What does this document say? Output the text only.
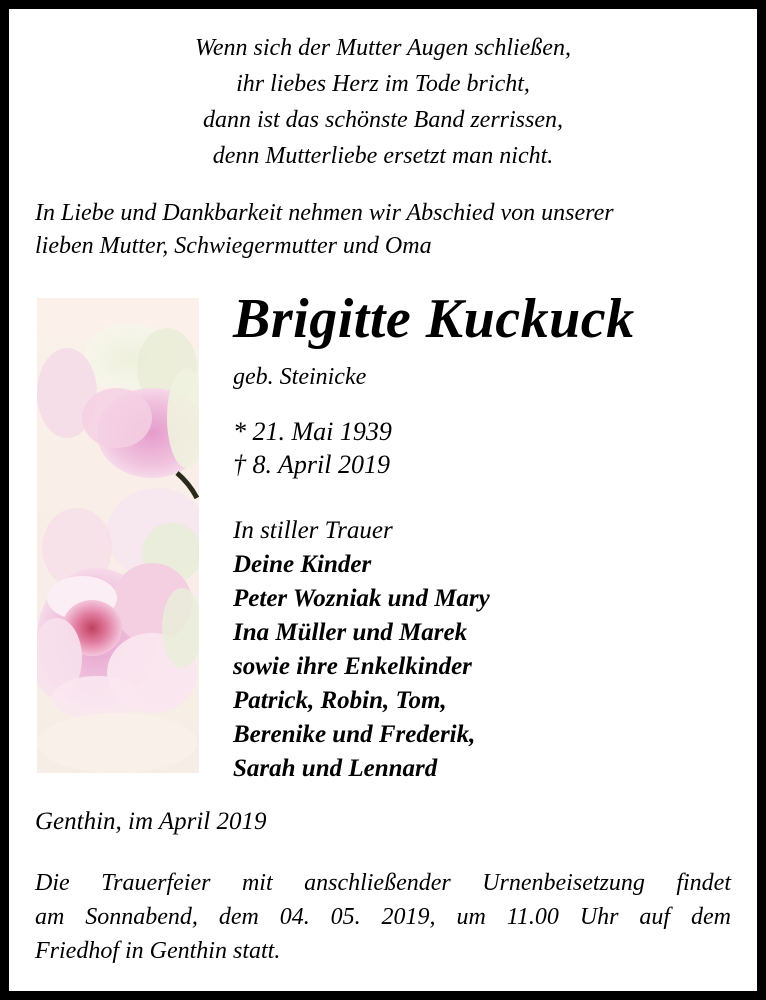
Wenn sich der Mutter Augen schließen,
ihr liebes Herz im Tode bricht,
dann ist das schönste Band zerrissen,
denn Mutterliebe ersetzt man nicht.
In Liebe und Dankbarkeit nehmen wir Abschied von unserer
lieben Mutter, Schwiegermutter und Oma
Brigitte Kuckuck
geb. Steinicke
* 21. Mai 1939
† 8. April 2019
In stiller Trauer
Deine Kinder
Peter Wozniak und Mary
Ina Müller und Marek
sowie ihre Enkelkinder
Patrick, Robin, Tom,
Berenike und Frederik,
Sarah und Lennard
Genthin, im April 2019
Die Trauerfeier mit anschließender Urnenbeisetzung findet
am Sonnabend, dem 04. 05. 2019, um 11.00 Uhr auf dem
Friedhof in Genthin statt.
